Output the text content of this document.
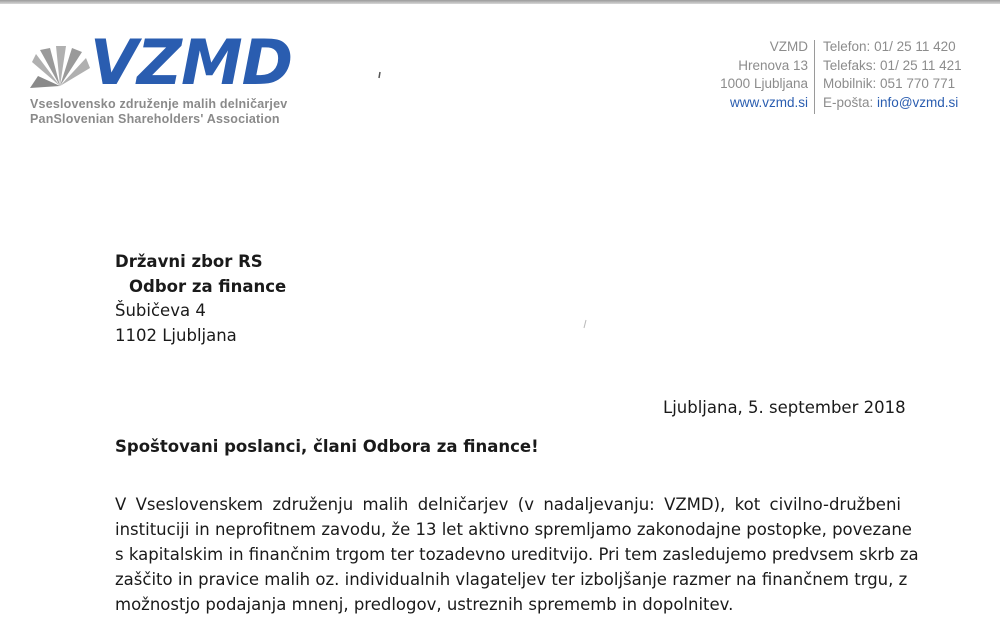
VZMD
Vseslovensko združenje malih delničarjev
PanSlovenian Shareholders' Association
VZMD
Hrenova 13
1000 Ljubljana
www.vzmd.si
Telefon: 01/ 25 11 420
Telefaks: 01/ 25 11 421
Mobilnik: 051 770 771
E-pošta: info@vzmd.si
Državni zbor RS
Odbor za finance
Šubičeva 4
1102 Ljubljana
Ljubljana, 5. september 2018
Spoštovani poslanci, člani Odbora za finance!
V Vseslovenskem združenju malih delničarjev (v nadaljevanju: VZMD), kot civilno-družbeni
instituciji in neprofitnem zavodu, že 13 let aktivno spremljamo zakonodajne postopke, povezane
s kapitalskim in finančnim trgom ter tozadevno ureditvijo. Pri tem zasledujemo predvsem skrb za
zaščito in pravice malih oz. individualnih vlagateljev ter izboljšanje razmer na finančnem trgu, z
možnostjo podajanja mnenj, predlogov, ustreznih sprememb in dopolnitev.
